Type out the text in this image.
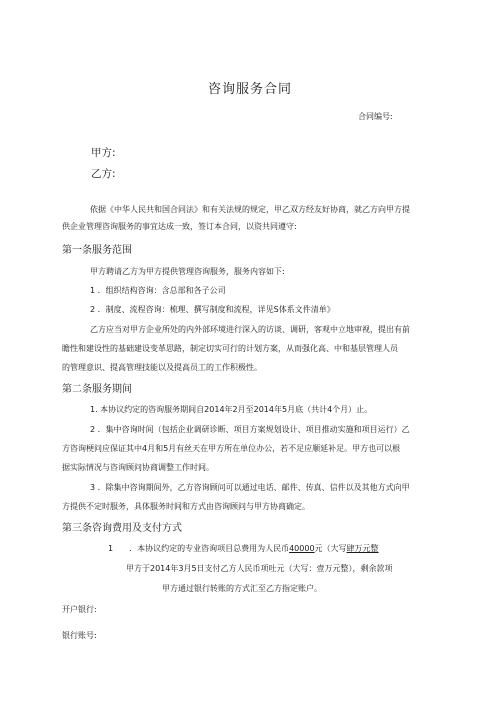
咨询服务合同
合同编号:
甲方:
乙方:
依据《中华人民共和国合同法》和有关法规的规定，甲乙双方经友好协商，就乙方向甲方提
供企业管理咨询服务的事宜达成一致，签订本合同，以资共同遵守:
第一条服务范围
甲方聘请乙方为甲方提供管理咨询服务，服务内容如下:
1 ．组织结构咨询：含总部和各子公司
2 ．制度、流程咨询：梳理、撰写制度和流程，详见S体系文件清单》
乙方应当对甲方企业所处的内外部环境进行深入的访谈、调研，客观中立地审视，提出有前
瞻性和建设性的基础建设变革思路，制定切实可行的计划方案，从而强化高、中和基层管理人员
的管理意识、提高管理技能以及提高员工的工作积极性。
第二条服务期间
1. 本协议约定的咨询服务期间自2014年2月至2014年5月底（共计4个月）止。
2 ．集中咨询时间（包括企业调研诊断、项目方案规划设计、项目推动实施和项目运行）乙
方咨询梗问应保证其中4月和5月有丝天在甲方所在单位办公，若不足应顺延补足。甲方也可以根
据实际情况与咨询顾问协商调整工作时间。
3 ．除集中咨询期间外，乙方咨询顾问可以通过电话、邮件、传真、信件以及其他方式向甲
方提供不定时服务，具体服务时间和方式由咨询顾问与甲方协商确定。
第三条咨询费用及支付方式
1 ．本协议约定的专业咨询项目总费用为人民币40000元（大写肆万元整
甲方于2014年3月5日支付乙方人民币项吐元（大写：壹万元整），剩余款项
甲方通过银行转账的方式汇至乙方指定账户。
开户银行:
银行账号:
